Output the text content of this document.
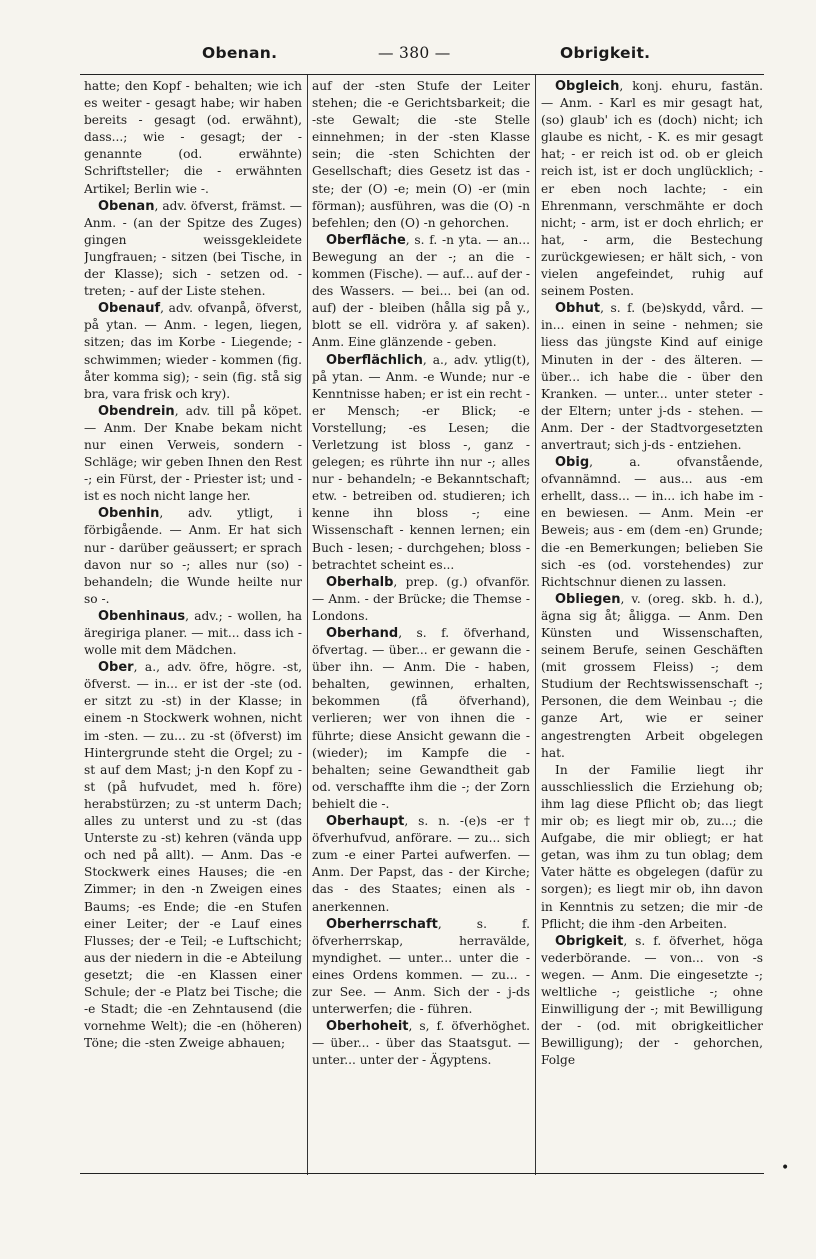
Obenan.	— 380 —	Obrigkeit.

hatte; den Kopf - behalten; wie ich es weiter - gesagt habe; wir haben bereits - gesagt (od. erwähnt), dass...; wie - gesagt; der - genannte (od. erwähnte) Schriftsteller; die - erwähnten Artikel; Berlin wie -.

Obenan, adv. öfverst, främst. —Anm. - (an der Spitze des Zuges) gingen weissgekleidete Jungfrauen; - sitzen (bei Tische, in der Klasse); sich - setzen od. - treten; - auf der Liste stehen.

Obenauf, adv. ofvanpå, öfverst, på ytan. — Anm. - legen, liegen, sitzen; das im Korbe - Liegende; - schwimmen; wieder - kommen (fig. åter komma sig); - sein (fig. stå sig bra, vara frisk och kry).

Obendrein, adv. till på köpet. — Anm. Der Knabe bekam nicht nur einen Verweis, sondern - Schläge; wir geben Ihnen den Rest -; ein Fürst, der - Priester ist; und - ist es noch nicht lange her.

Obenhin, adv. ytligt, i förbigående. — Anm. Er hat sich nur - darüber geäussert; er sprach davon nur so -; alles nur (so) - behandeln; die Wunde heilte nur so -.

Obenhinaus, adv.; - wollen, ha äregiriga planer. — mit... dass ich - wolle mit dem Mädchen.

Ober, a., adv. öfre, högre. -st, öfverst. — in... er ist der -ste (od. er sitzt zu -st) in der Klasse; in einem -n Stockwerk wohnen, nicht im -sten. — zu... zu -st (öfverst) im Hintergrunde steht die Orgel; zu -st auf dem Mast; j-n den Kopf zu -st (på hufvudet, med h. före) herabstürzen; zu -st unterm Dach; alles zu unterst und zu -st (das Unterste zu -st) kehren (vända upp och ned på allt). — Anm. Das -e Stockwerk eines Hauses; die -en Zimmer; in den -n Zweigen eines Baums; -es Ende; die -en Stufen einer Leiter; der -e Lauf eines Flusses; der -e Teil; -e Luftschicht; aus der niedern in die -e Abteilung gesetzt; die -en Klassen einer Schule; der -e Platz bei Tische; die -e Stadt; die -en Zehntausend (die vornehme Welt); die -en (höheren) Töne; die -sten Zweige abhauen;

auf der -sten Stufe der Leiter stehen; die -e Gerichtsbarkeit; die -ste Gewalt; die -ste Stelle einnehmen; in der -sten Klasse sein; die -sten Schichten der Gesellschaft; dies Gesetz ist das -ste; der (O) -e; mein (O) -er (min förman); ausführen, was die (O) -n befehlen; den (O) -n gehorchen.

Oberfläche, s. f. -n yta. — an... Bewegung an der -; an die - kommen (Fische). — auf... auf der - des Wassers. — bei... bei (an od. auf) der - bleiben (hålla sig på y., blott se ell. vidröra y. af saken). Anm. Eine glänzende - geben.

Oberflächlich, a., adv. ytlig(t), på ytan. — Anm. -e Wunde; nur -e Kenntnisse haben; er ist ein recht -er Mensch; -er Blick; -e Vorstellung; -es Lesen; die Verletzung ist bloss -, ganz - gelegen; es rührte ihn nur -; alles nur - behandeln; -e Bekanntschaft; etw. - betreiben od. studieren; ich kenne ihn bloss -; eine Wissenschaft - kennen lernen; ein Buch - lesen; - durchgehen; bloss - betrachtet scheint es...

Oberhalb, prep. (g.) ofvanför. — Anm. - der Brücke; die Themse - Londons.

Oberhand, s. f. öfverhand, öfvertag. — über... er gewann die - über ihn. — Anm. Die - haben, behalten, gewinnen, erhalten, bekommen (få öfverhand), verlieren; wer von ihnen die - führte; diese Ansicht gewann die - (wieder); im Kampfe die - behalten; seine Gewandtheit gab od. verschaffte ihm die -; der Zorn behielt die -.

Oberhaupt, s. n. -(e)s -er † öfverhufvud, anförare. — zu... sich zum -e einer Partei aufwerfen. — Anm. Der Papst, das - der Kirche; das - des Staates; einen als - anerkennen.

Oberherrschaft, s. f. öfverherrskap, herravälde, myndighet. — unter... unter die - eines Ordens kommen. — zu... - zur See. — Anm. Sich der - j-ds unterwerfen; die - führen.

Oberhoheit, s, f. öfverhöghet. — über... - über das Staatsgut. — unter... unter der - Ägyptens.

Obgleich, konj. ehuru, fastän. — Anm. - Karl es mir gesagt hat, (so) glaub' ich es (doch) nicht; ich glaube es nicht, - K. es mir gesagt hat; - er reich ist od. ob er gleich reich ist, ist er doch unglücklich; - er eben noch lachte; - ein Ehrenmann, verschmähte er doch nicht; - arm, ist er doch ehrlich; er hat, - arm, die Bestechung zurückgewiesen; er hält sich, - von vielen angefeindet, ruhig auf seinem Posten.

Obhut, s. f. (be)skydd, vård. — in... einen in seine - nehmen; sie liess das jüngste Kind auf einige Minuten in der - des älteren. — über... ich habe die - über den Kranken. — unter... unter steter - der Eltern; unter j-ds - stehen. — Anm. Der - der Stadtvorgesetzten anvertraut; sich j-ds - entziehen.

Obig, a. ofvanstående, ofvannämnd. — aus... aus -em erhellt, dass... — in... ich habe im -en bewiesen. — Anm. Mein -er Beweis; aus - em (dem -en) Grunde; die -en Bemerkungen; belieben Sie sich -es (od. vorstehendes) zur Richtschnur dienen zu lassen.

Obliegen, v. (oreg. skb. h. d.), ägna sig åt; åligga. — Anm. Den Künsten und Wissenschaften, seinem Berufe, seinen Geschäften (mit grossem Fleiss) -; dem Studium der Rechtswissenschaft -; Personen, die dem Weinbau -; die ganze Art, wie er seiner angestrengten Arbeit obgelegen hat.

In der Familie liegt ihr ausschliesslich die Erziehung ob; ihm lag diese Pflicht ob; das liegt mir ob; es liegt mir ob, zu...; die Aufgabe, die mir obliegt; er hat getan, was ihm zu tun oblag; dem Vater hätte es obgelegen (dafür zu sorgen); es liegt mir ob, ihn davon in Kenntnis zu setzen; die mir -de Pflicht; die ihm -den Arbeiten.

Obrigkeit, s. f. öfverhet, höga vederbörande. — von... von -s wegen. — Anm. Die eingesetzte -; weltliche -; geistliche -; ohne Einwilligung der -; mit Bewilligung der - (od. mit obrigkeitlicher Bewilligung); der - gehorchen, Folge

•
